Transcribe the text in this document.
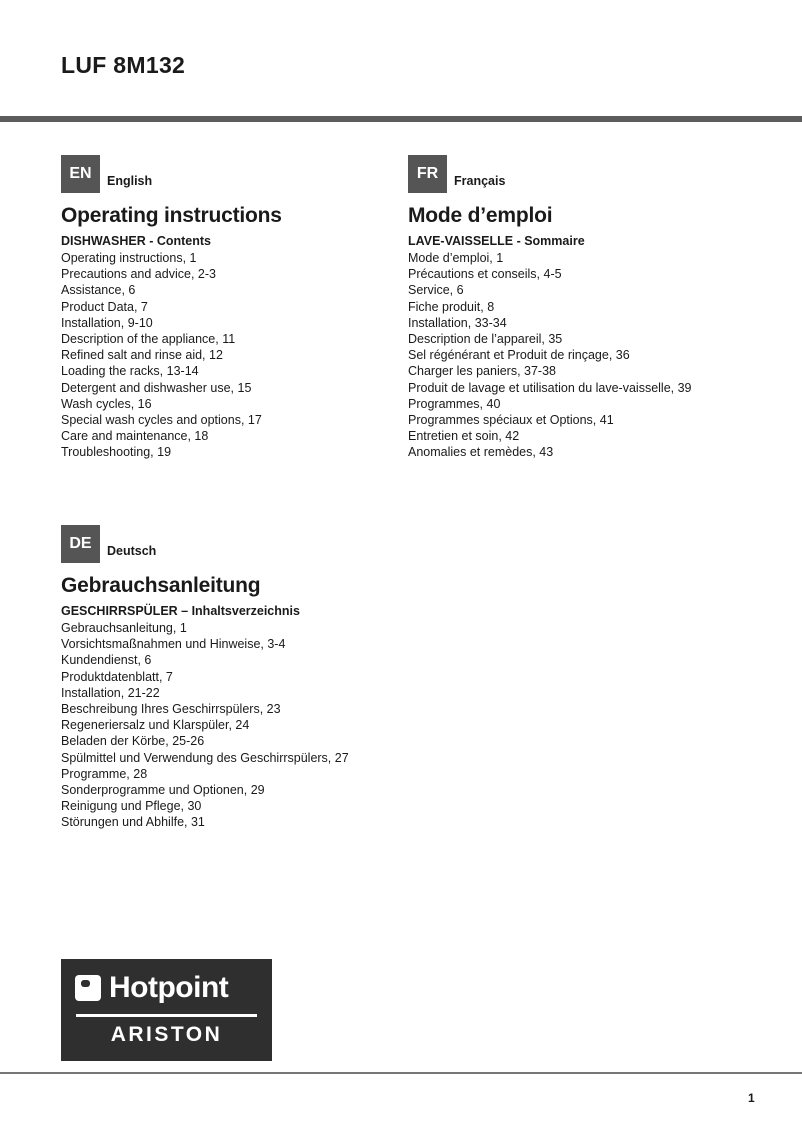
LUF 8M132
EN	English
Operating instructions
DISHWASHER - Contents
Operating instructions, 1
Precautions and advice, 2-3
Assistance, 6
Product Data, 7
Installation, 9-10
Description of the appliance, 11
Refined salt and rinse aid, 12
Loading the racks, 13-14
Detergent and dishwasher use, 15
Wash cycles, 16
Special wash cycles and options, 17
Care and maintenance, 18
Troubleshooting, 19
FR	Français
Mode d’emploi
LAVE-VAISSELLE - Sommaire
Mode d’emploi, 1
Précautions et conseils, 4-5
Service, 6
Fiche produit, 8
Installation, 33-34
Description de l’appareil, 35
Sel régénérant et Produit de rinçage, 36
Charger les paniers, 37-38
Produit de lavage et utilisation du lave-vaisselle, 39
Programmes, 40
Programmes spéciaux et Options, 41
Entretien et soin, 42
Anomalies et remèdes, 43
DE	Deutsch
Gebrauchsanleitung
GESCHIRRSPÜLER – Inhaltsverzeichnis
Gebrauchsanleitung, 1
Vorsichtsmaßnahmen und Hinweise, 3-4
Kundendienst, 6
Produktdatenblatt, 7
Installation, 21-22
Beschreibung Ihres Geschirrspülers, 23
Regeneriersalz und Klarspüler, 24
Beladen der Körbe, 25-26
Spülmittel und Verwendung des Geschirrspülers, 27
Programme, 28
Sonderprogramme und Optionen, 29
Reinigung und Pflege, 30
Störungen und Abhilfe, 31
Hotpoint
ARISTON
1
